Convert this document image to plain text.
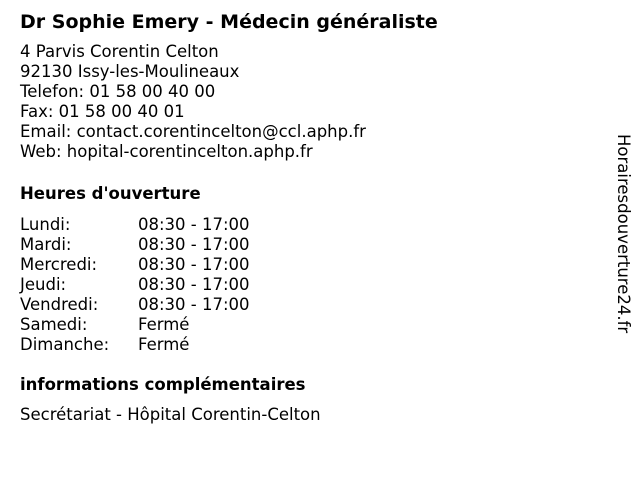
Dr Sophie Emery - Médecin généraliste
4 Parvis Corentin Celton
92130 Issy-les-Moulineaux
Telefon: 01 58 00 40 00
Fax: 01 58 00 40 01
Email: contact.corentincelton@ccl.aphp.fr
Web: hopital-corentincelton.aphp.fr
Heures d'ouverture
Lundi:	08:30 - 17:00
Mardi:	08:30 - 17:00
Mercredi:	08:30 - 17:00
Jeudi:	08:30 - 17:00
Vendredi:	08:30 - 17:00
Samedi:	Fermé
Dimanche:	Fermé
informations complémentaires
Secrétariat - Hôpital Corentin-Celton
Horairesdouverture24.fr
